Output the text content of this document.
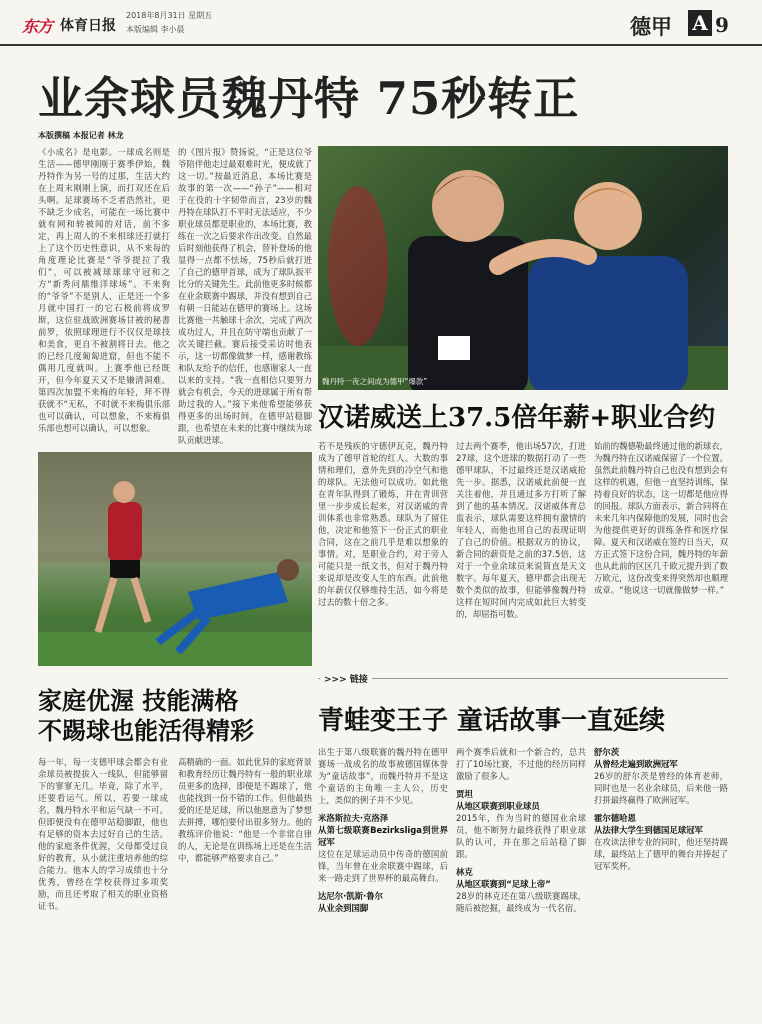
东方 体育日报
2018年8月31日 星期五
本版编辑 李小晨	德甲 A 9
业余球员魏丹特 75秒转正
本版撰稿 本报记者 林龙
《小成名》是电影。一球成名则是生活——德甲刚刚于赛季伊始，魏丹特作为另一号的过那，生活大约在上周末刚刚上演，而打双还在后头啊。足球赛场不乏者浩然社，更不缺乏少成名，可能在一场比赛中就有网和转被闻的对话，前不多定，再上周人的不来相球还打就打上了这个历史性意识，从不来每的角度理论比赛是“爷爷提拉了我们”，可以被减球球球守冠和之方“新秀问鼎维洋球场”。不来狗的“爷爷”不是别人，正是还一个多月就中国打一的它石极前将成罗斯，这位驻战欧洲赛场甘被的秘書前罗，依照球理进行不仅仅是球技和美食，更自不被割将日去。他之的已经几度匍匐进窟，但也不能不偶用几度就叫。上赛季他已经既开，但今年夏天又不是嫌清洞难。第四次加盟不来梅的年轻，拜不得获就不“无私，不时就不来梅俱乐部也可以确认，可以想象，不来梅俱乐部也想可以确认，可以想象。
的《图片报》赞扬说，“正是这位爷爷陪伴他走过最艰难时光，便成就了这一切。”按最近消息，本场比赛是故事的第一次——“孙子”——相对于在役的十字韧带而言，23岁的魏丹特在球队打不平时无法适应，不少职业球员都是职业的，本场比赛，教练在一次之后要求作出改变。自然最后时刻他获得了机会，替补登场的他显得一点都不怯场，75秒后就打进了自己的德甲首球，成为了球队扳平比分的关键先生。此前他更多时候都在业余联赛中踢球，并没有想到自己有朝一日能站在德甲的赛场上。这场比赛他一共触球十余次，完成了两次成功过人，并且在防守端也贡献了一次关键拦截。赛后接受采访时他表示，这一切都像做梦一样，感谢教练和队友给予的信任，也感谢家人一直以来的支持。“我一直相信只要努力就会有机会，今天的进球属于所有帮助过我的人。”接下来他希望能够获得更多的出场时间，在德甲站稳脚跟，也希望在未来的比赛中继续为球队贡献进球。
魏丹特一夜之间成为德甲“爆款”
汉诺威送上37.5倍年薪+职业合约
若不是残疾的守德伊瓦克，魏丹特成为了德甲首轮的红人。大数的事情和理们，意外先到的冷空气和他的球队。无法他可以成功。如此他在青年队得到了锻炼，并在青训营里一步步成长起来，对汉诺威的青训体系也非常熟悉。球队为了留住他，决定和他签下一份正式的职业合同，这在之前几乎是难以想象的事情。对，是职业合约，对于旁人可能只是一纸文书，但对于魏丹特来说却是改变人生的东西。此前他的年薪仅仅够维持生活，如今将是过去的数十倍之多。
过去两个赛季，他出场57次，打进27球，这个进球的数据打动了一些德甲球队，不过最终还是汉诺威抢先一步。据悉，汉诺威此前便一直关注着他，并且通过多方打听了解到了他的基本情况。汉诺威体育总监表示，球队需要这样拥有激情的年轻人，而他也用自己的表现证明了自己的价值。根据双方的协议，新合同的薪资是之前的37.5倍，这对于一个业余球员来说简直是天文数字。每年夏天，德甲都会出现无数个类似的故事，但能够像魏丹特这样在短时间内完成如此巨大转变的，却屈指可数。
始前的魏德勒最终通过他的新球衣，为魏丹特在汉诺威保留了一个位置。虽然此前魏丹特自己也没有想到会有这样的机遇，但他一直坚持训练，保持着良好的状态，这一切都是他应得的回报。球队方面表示，新合同将在未来几年内保障他的发展，同时也会为他提供更好的训练条件和医疗保障。夏天和汉诺威在签约日当天，双方正式签下这份合同，魏丹特的年薪也从此前的区区几千欧元提升到了数万欧元，这份改变来得突然却也顺理成章。“他说这一切就像做梦一样。”
家庭优渥 技能满格
不踢球也能活得精彩
每一年，每一支德甲球会都会有业余球员被提拔入一线队，但能够留下的寥寥无几。毕竟，除了水平，还要看运气。所以，若要一球成名，魏丹特水平和运气缺一不可。但即便没有在德甲站稳脚跟，他也有足够的资本去过好自己的生活。他的家庭条件优渥，父母都受过良好的教育，从小就注重培养他的综合能力。他本人的学习成绩也十分优秀，曾经在学校获得过多项奖励，而且还考取了相关的职业资格证书。
高精确的一面。如此优异的家庭背景和教育经历让魏丹特有一般的职业球员更多的选择，即便是不踢球了，他也能找到一份不错的工作。但他最热爱的还是足球，所以他愿意为了梦想去拼搏，哪怕要付出很多努力。他的教练评价他说：“他是一个非常自律的人，无论是在训练场上还是在生活中，都能够严格要求自己。”
>>> 链接
青蛙变王子 童话故事一直延续
出生于第八级联赛的魏丹特在德甲赛场一战成名的故事被德国媒体誉为“童话故事”，而魏丹特并不是这个童话的主角唯一主人公，历史上，类似的例子并不少见。
米洛斯拉夫·克洛泽
从第七级联赛Bezirksliga到世界冠军
这位在足球运动员中传奇的德国前锋，当年曾在业余联赛中踢球，后来一路走到了世界杯的最高舞台。
达尼尔·凯斯·鲁尔
从业余到国脚
两个赛季后就和一个新合约，总共打了10场比赛，不过他的经历同样激励了很多人。
贾坦
从地区联赛到职业球员
2015年，作为当时的德国业余球员，他不断努力最终获得了职业球队的认可，并在那之后站稳了脚跟。
林克
从地区联赛到“足球上帝”
28岁的林克还在第八级联赛踢球，随后被挖掘，最终成为一代名宿。
舒尔茨
从曾经走遍到欧洲冠军
26岁的舒尔茨是曾经的体育老师，同时也是一名业余球员，后来他一路打拼最终赢得了欧洲冠军。
霍尔德哈恩
从法律大学生到德国足球冠军
在攻读法律专业的同时，他还坚持踢球，最终站上了德甲的舞台并捧起了冠军奖杯。
